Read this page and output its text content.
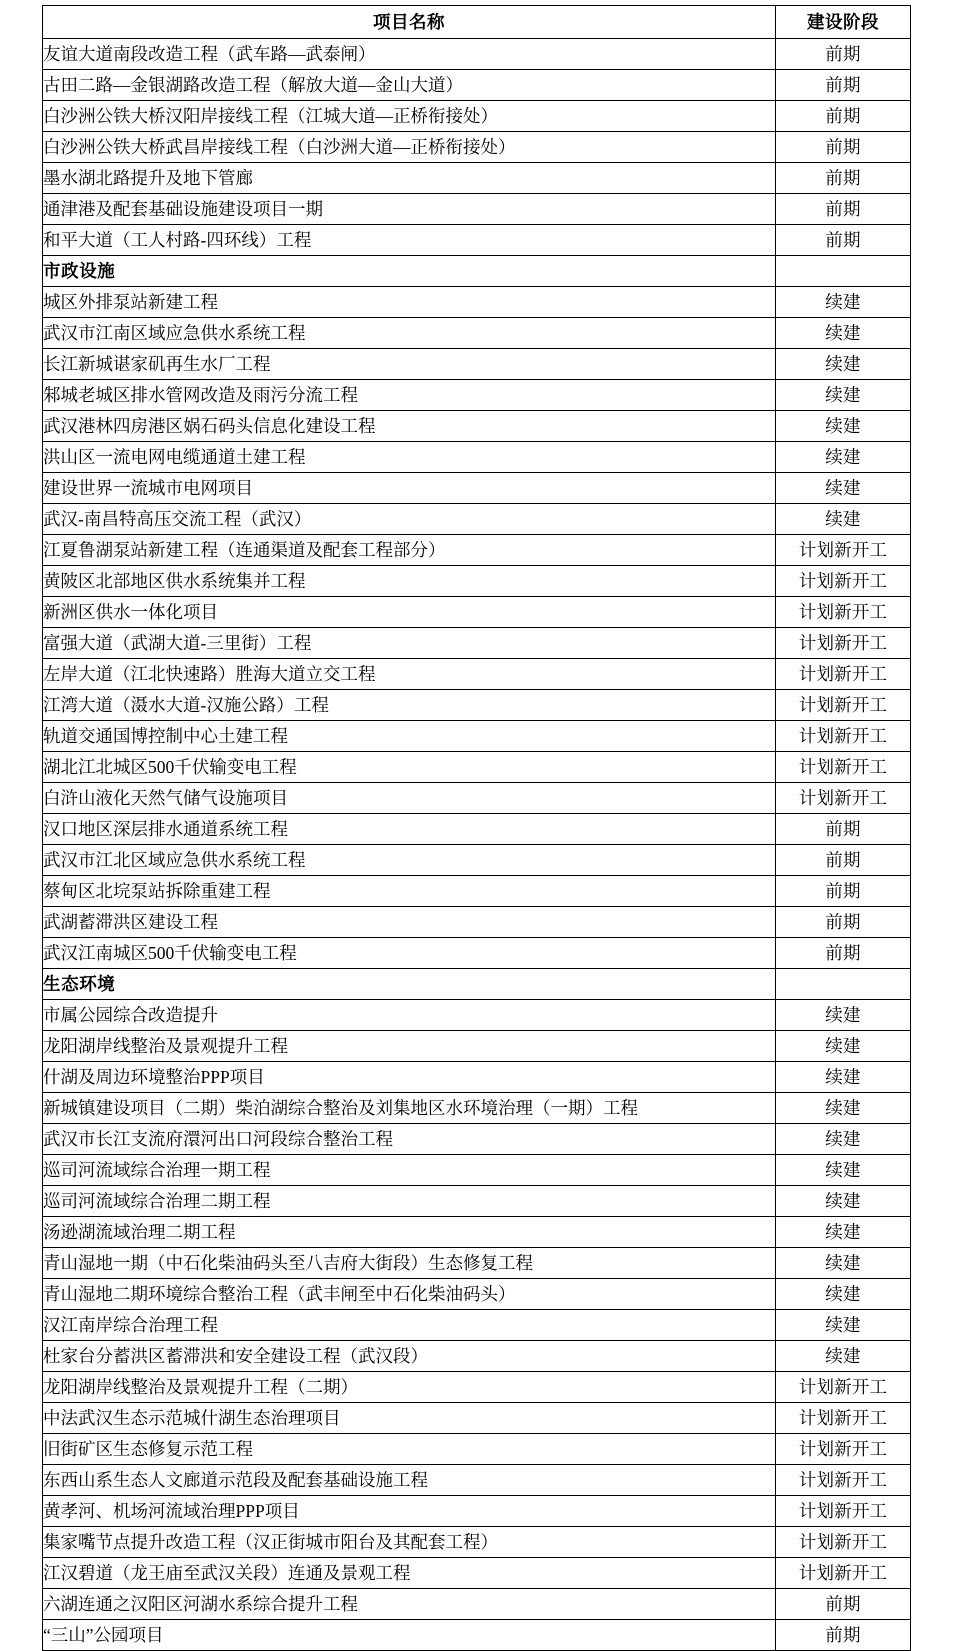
项目名称	建设阶段
友谊大道南段改造工程（武车路—武泰闸）	前期
古田二路—金银湖路改造工程（解放大道—金山大道）	前期
白沙洲公铁大桥汉阳岸接线工程（江城大道—正桥衔接处）	前期
白沙洲公铁大桥武昌岸接线工程（白沙洲大道—正桥衔接处）	前期
墨水湖北路提升及地下管廊	前期
通津港及配套基础设施建设项目一期	前期
和平大道（工人村路-四环线）工程	前期
市政设施	
城区外排泵站新建工程	续建
武汉市江南区域应急供水系统工程	续建
长江新城谌家矶再生水厂工程	续建
邾城老城区排水管网改造及雨污分流工程	续建
武汉港林四房港区娲石码头信息化建设工程	续建
洪山区一流电网电缆通道土建工程	续建
建设世界一流城市电网项目	续建
武汉-南昌特高压交流工程（武汉）	续建
江夏鲁湖泵站新建工程（连通渠道及配套工程部分）	计划新开工
黄陂区北部地区供水系统集并工程	计划新开工
新洲区供水一体化项目	计划新开工
富强大道（武湖大道-三里街）工程	计划新开工
左岸大道（江北快速路）胜海大道立交工程	计划新开工
江湾大道（滠水大道-汉施公路）工程	计划新开工
轨道交通国博控制中心土建工程	计划新开工
湖北江北城区500千伏输变电工程	计划新开工
白浒山液化天然气储气设施项目	计划新开工
汉口地区深层排水通道系统工程	前期
武汉市江北区域应急供水系统工程	前期
蔡甸区北垸泵站拆除重建工程	前期
武湖蓄滞洪区建设工程	前期
武汉江南城区500千伏输变电工程	前期
生态环境	
市属公园综合改造提升	续建
龙阳湖岸线整治及景观提升工程	续建
什湖及周边环境整治PPP项目	续建
新城镇建设项目（二期）柴泊湖综合整治及刘集地区水环境治理（一期）工程	续建
武汉市长江支流府澴河出口河段综合整治工程	续建
巡司河流域综合治理一期工程	续建
巡司河流域综合治理二期工程	续建
汤逊湖流域治理二期工程	续建
青山湿地一期（中石化柴油码头至八吉府大街段）生态修复工程	续建
青山湿地二期环境综合整治工程（武丰闸至中石化柴油码头）	续建
汉江南岸综合治理工程	续建
杜家台分蓄洪区蓄滞洪和安全建设工程（武汉段）	续建
龙阳湖岸线整治及景观提升工程（二期）	计划新开工
中法武汉生态示范城什湖生态治理项目	计划新开工
旧街矿区生态修复示范工程	计划新开工
东西山系生态人文廊道示范段及配套基础设施工程	计划新开工
黄孝河、机场河流域治理PPP项目	计划新开工
集家嘴节点提升改造工程（汉正街城市阳台及其配套工程）	计划新开工
江汉碧道（龙王庙至武汉关段）连通及景观工程	计划新开工
六湖连通之汉阳区河湖水系综合提升工程	前期
“三山”公园项目	前期
